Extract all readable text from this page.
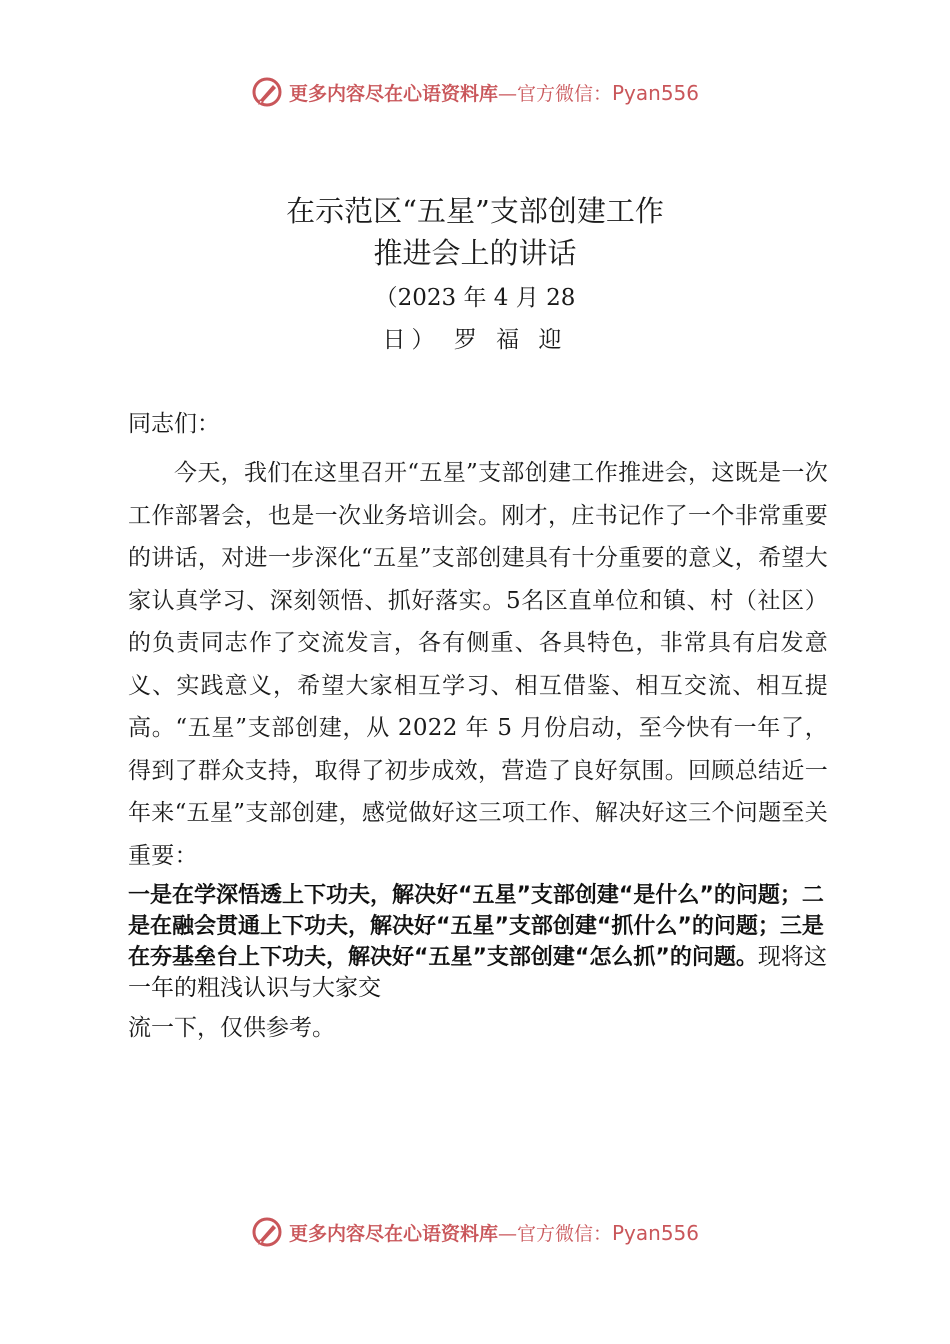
更多内容尽在心语资料库—官方微信：Pyan556
在示范区“五星”支部创建工作
推进会上的讲话
（2023 年 4 月 28
日） 罗 福 迎
同志们：
今天，我们在这里召开“五星”支部创建工作推进会，这既是一次工作部署会，也是一次业务培训会。刚才，庄书记作了一个非常重要的讲话，对进一步深化“五星”支部创建具有十分重要的意义，希望大家认真学习、深刻领悟、抓好落实。5名区直单位和镇、村（社区）的负责同志作了交流发言，各有侧重、各具特色，非常具有启发意义、实践意义，希望大家相互学习、相互借鉴、相互交流、相互提高。“五星”支部创建，从 2022 年 5 月份启动，至今快有一年了，得到了群众支持，取得了初步成效，营造了良好氛围。回顾总结近一年来“五星”支部创建，感觉做好这三项工作、解决好这三个问题至关重要：
一是在学深悟透上下功夫，解决好“五星”支部创建“是什么”的问题；二是在融会贯通上下功夫，解决好“五星”支部创建“抓什么”的问题；三是在夯基垒台上下功夫，解决好“五星”支部创建“怎么抓”的问题。现将这一年的粗浅认识与大家交
流一下，仅供参考。
更多内容尽在心语资料库—官方微信：Pyan556
